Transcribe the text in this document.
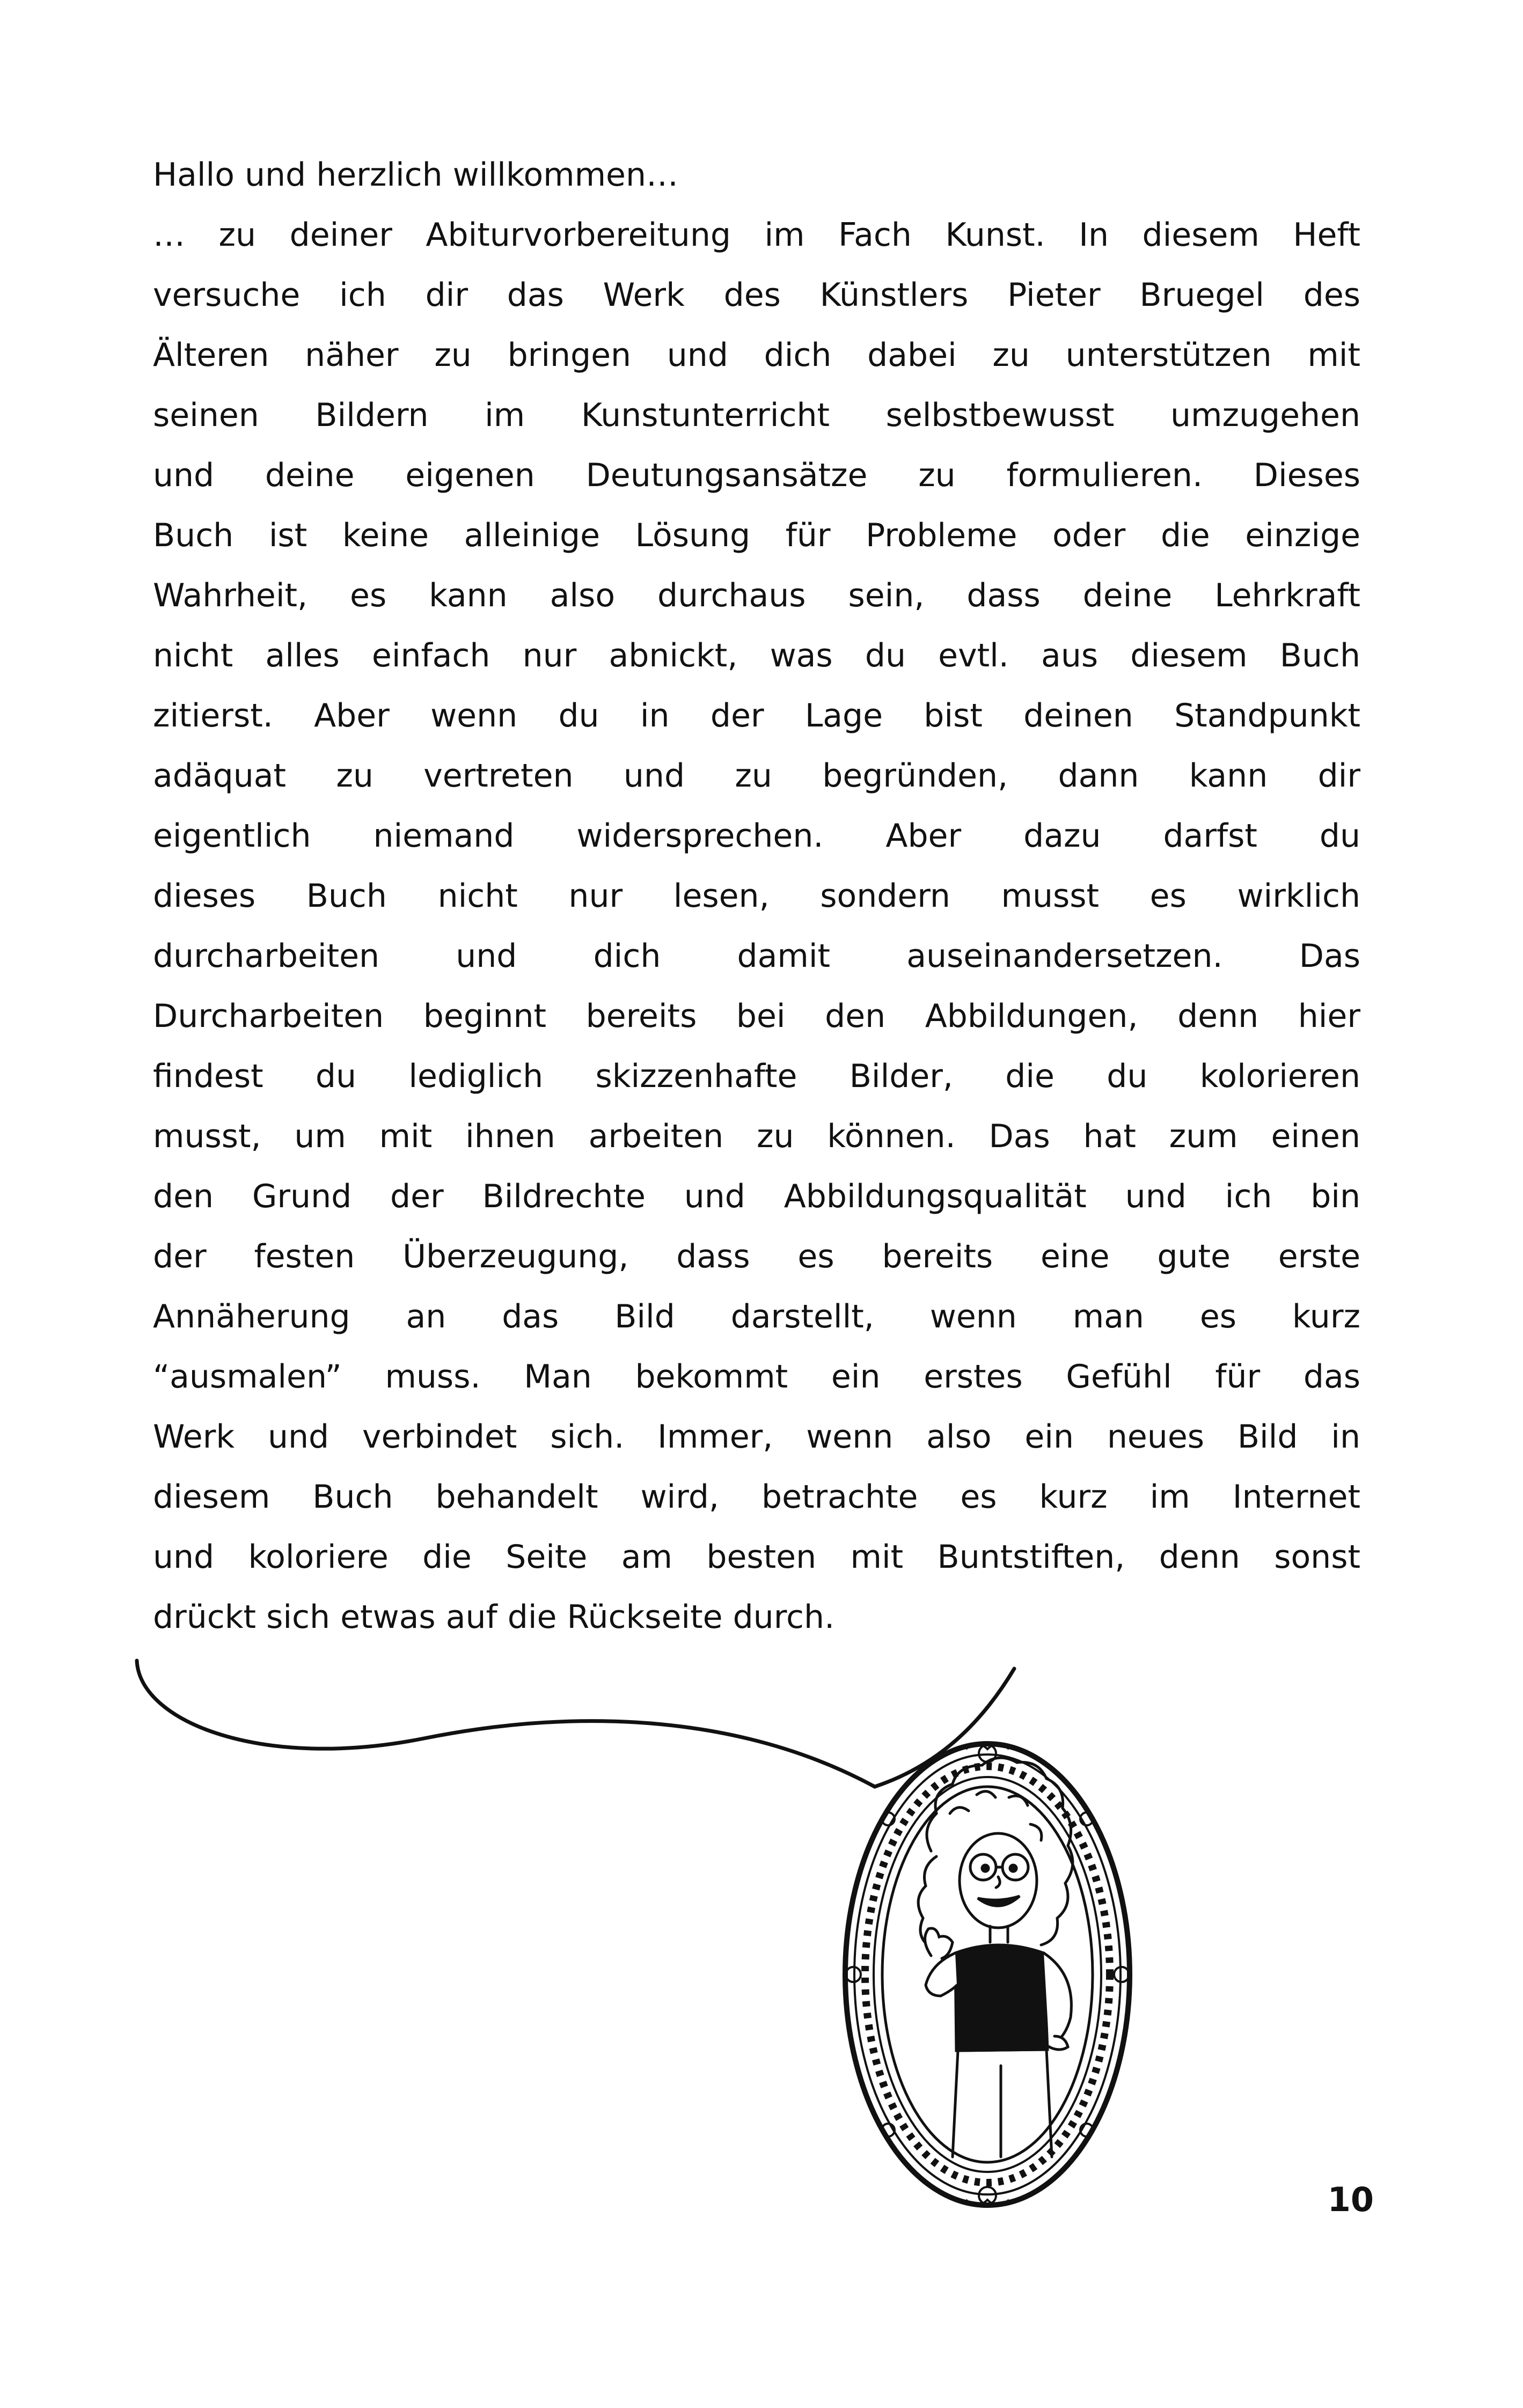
Hallo und herzlich willkommen…

… zu deiner Abiturvorbereitung im Fach Kunst. In diesem Heft
versuche ich dir das Werk des Künstlers Pieter Bruegel des
Älteren näher zu bringen und dich dabei zu unterstützen mit
seinen Bildern im Kunstunterricht selbstbewusst umzugehen
und deine eigenen Deutungsansätze zu formulieren. Dieses
Buch ist keine alleinige Lösung für Probleme oder die einzige
Wahrheit, es kann also durchaus sein, dass deine Lehrkraft
nicht alles einfach nur abnickt, was du evtl. aus diesem Buch
zitierst. Aber wenn du in der Lage bist deinen Standpunkt
adäquat zu vertreten und zu begründen, dann kann dir
eigentlich niemand widersprechen. Aber dazu darfst du
dieses Buch nicht nur lesen, sondern musst es wirklich
durcharbeiten und dich damit auseinandersetzen. Das
Durcharbeiten beginnt bereits bei den Abbildungen, denn hier
findest du lediglich skizzenhafte Bilder, die du kolorieren
musst, um mit ihnen arbeiten zu können. Das hat zum einen
den Grund der Bildrechte und Abbildungsqualität und ich bin
der festen Überzeugung, dass es bereits eine gute erste
Annäherung an das Bild darstellt, wenn man es kurz
“ausmalen” muss. Man bekommt ein erstes Gefühl für das
Werk und verbindet sich. Immer, wenn also ein neues Bild in
diesem Buch behandelt wird, betrachte es kurz im Internet
und koloriere die Seite am besten mit Buntstiften, denn sonst
drückt sich etwas auf die Rückseite durch.
10
